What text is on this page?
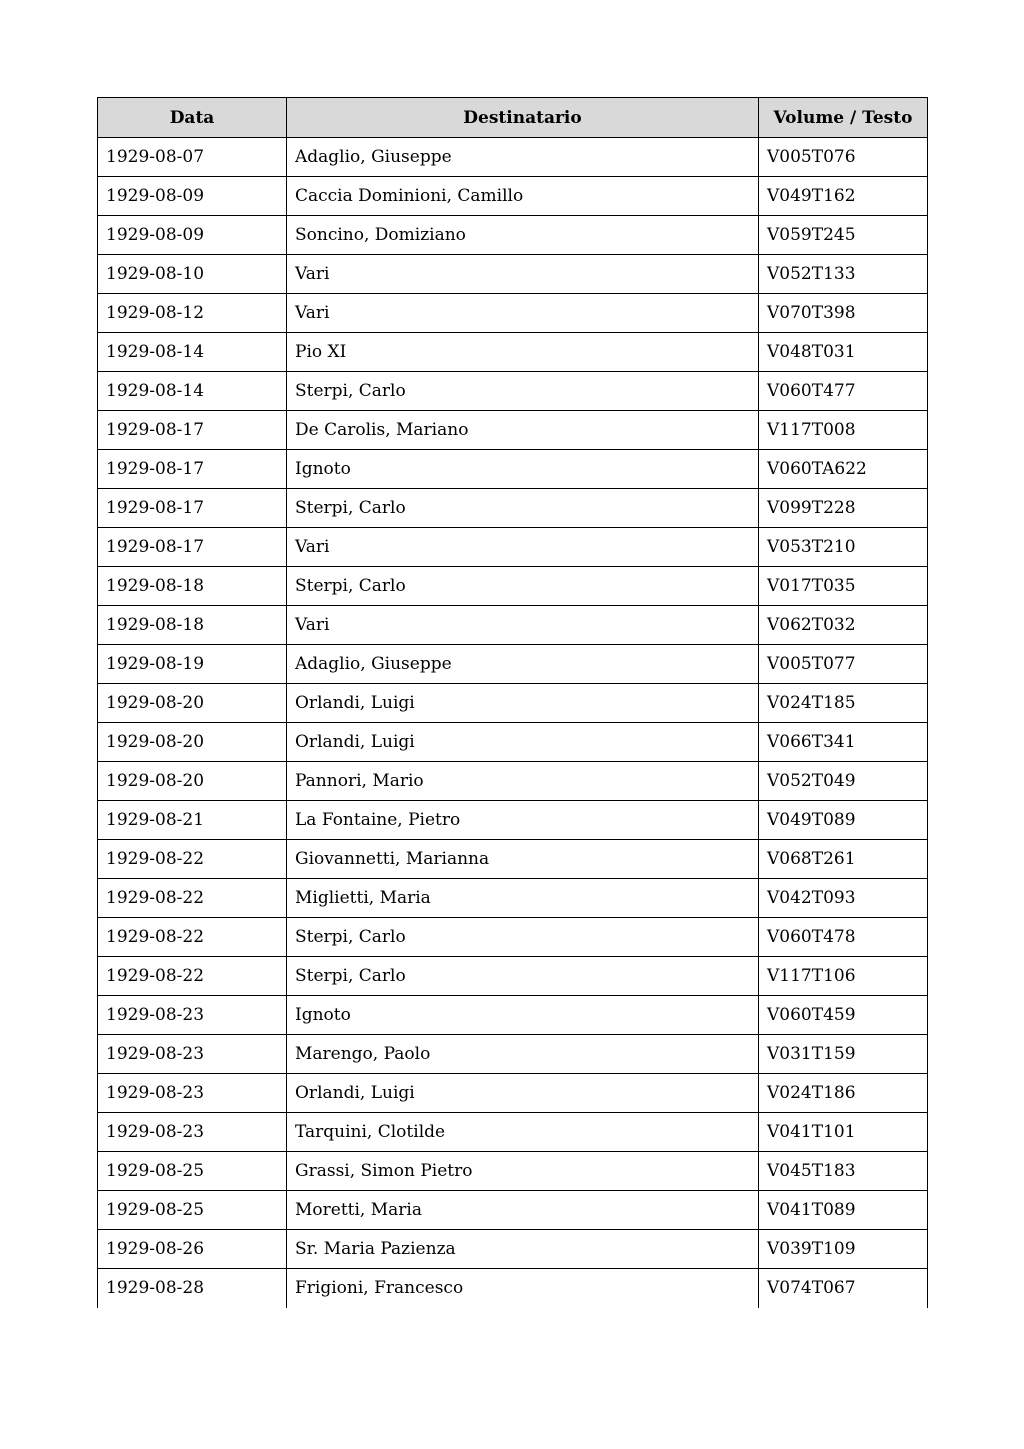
Data	Destinatario	Volume / Testo
1929-08-07	Adaglio, Giuseppe	V005T076
1929-08-09	Caccia Dominioni, Camillo	V049T162
1929-08-09	Soncino, Domiziano	V059T245
1929-08-10	Vari	V052T133
1929-08-12	Vari	V070T398
1929-08-14	Pio XI	V048T031
1929-08-14	Sterpi, Carlo	V060T477
1929-08-17	De Carolis, Mariano	V117T008
1929-08-17	Ignoto	V060TA622
1929-08-17	Sterpi, Carlo	V099T228
1929-08-17	Vari	V053T210
1929-08-18	Sterpi, Carlo	V017T035
1929-08-18	Vari	V062T032
1929-08-19	Adaglio, Giuseppe	V005T077
1929-08-20	Orlandi, Luigi	V024T185
1929-08-20	Orlandi, Luigi	V066T341
1929-08-20	Pannori, Mario	V052T049
1929-08-21	La Fontaine, Pietro	V049T089
1929-08-22	Giovannetti, Marianna	V068T261
1929-08-22	Miglietti, Maria	V042T093
1929-08-22	Sterpi, Carlo	V060T478
1929-08-22	Sterpi, Carlo	V117T106
1929-08-23	Ignoto	V060T459
1929-08-23	Marengo, Paolo	V031T159
1929-08-23	Orlandi, Luigi	V024T186
1929-08-23	Tarquini, Clotilde	V041T101
1929-08-25	Grassi, Simon Pietro	V045T183
1929-08-25	Moretti, Maria	V041T089
1929-08-26	Sr. Maria Pazienza	V039T109
1929-08-28	Frigioni, Francesco	V074T067
